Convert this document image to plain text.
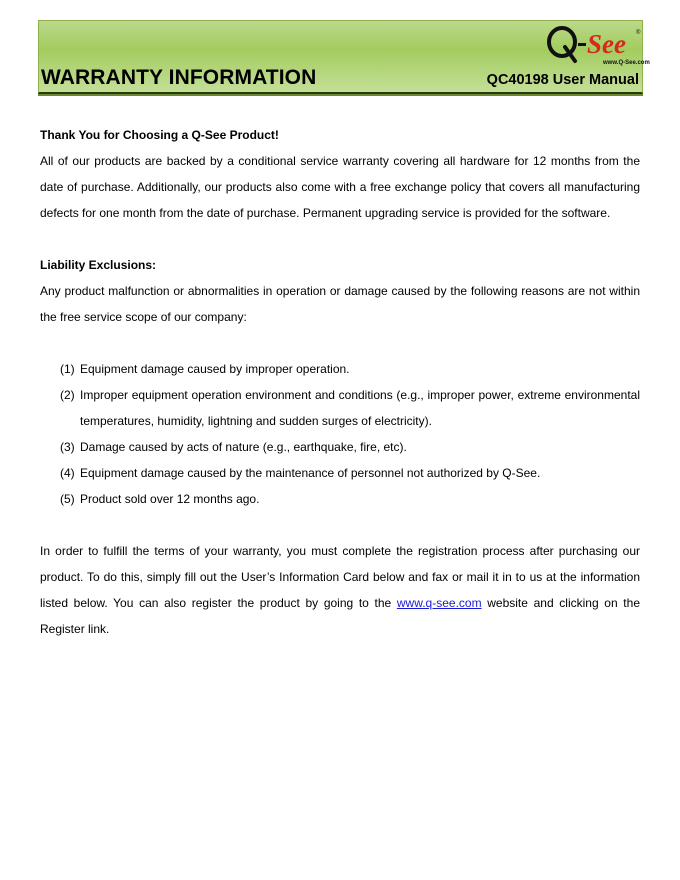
See ®
www.Q-See.com
WARRANTY INFORMATION	QC40198 User Manual
Thank You for Choosing a Q-See Product!

All of our products are backed by a conditional service warranty covering all hardware for 12 months from the date of purchase. Additionally, our products also come with a free exchange policy that covers all manufacturing defects for one month from the date of purchase. Permanent upgrading service is provided for the software.

Liability Exclusions:

Any product malfunction or abnormalities in operation or damage caused by the following reasons are not within the free service scope of our company:

(1) Equipment damage caused by improper operation.
(2) Improper equipment operation environment and conditions (e.g., improper power, extreme environmental temperatures, humidity, lightning and sudden surges of electricity).
(3) Damage caused by acts of nature (e.g., earthquake, fire, etc).
(4) Equipment damage caused by the maintenance of personnel not authorized by Q-See.
(5) Product sold over 12 months ago.

In order to fulfill the terms of your warranty, you must complete the registration process after purchasing our product. To do this, simply fill out the User’s Information Card below and fax or mail it in to us at the information listed below. You can also register the product by going to the www.q-see.com website and clicking on the Register link.
